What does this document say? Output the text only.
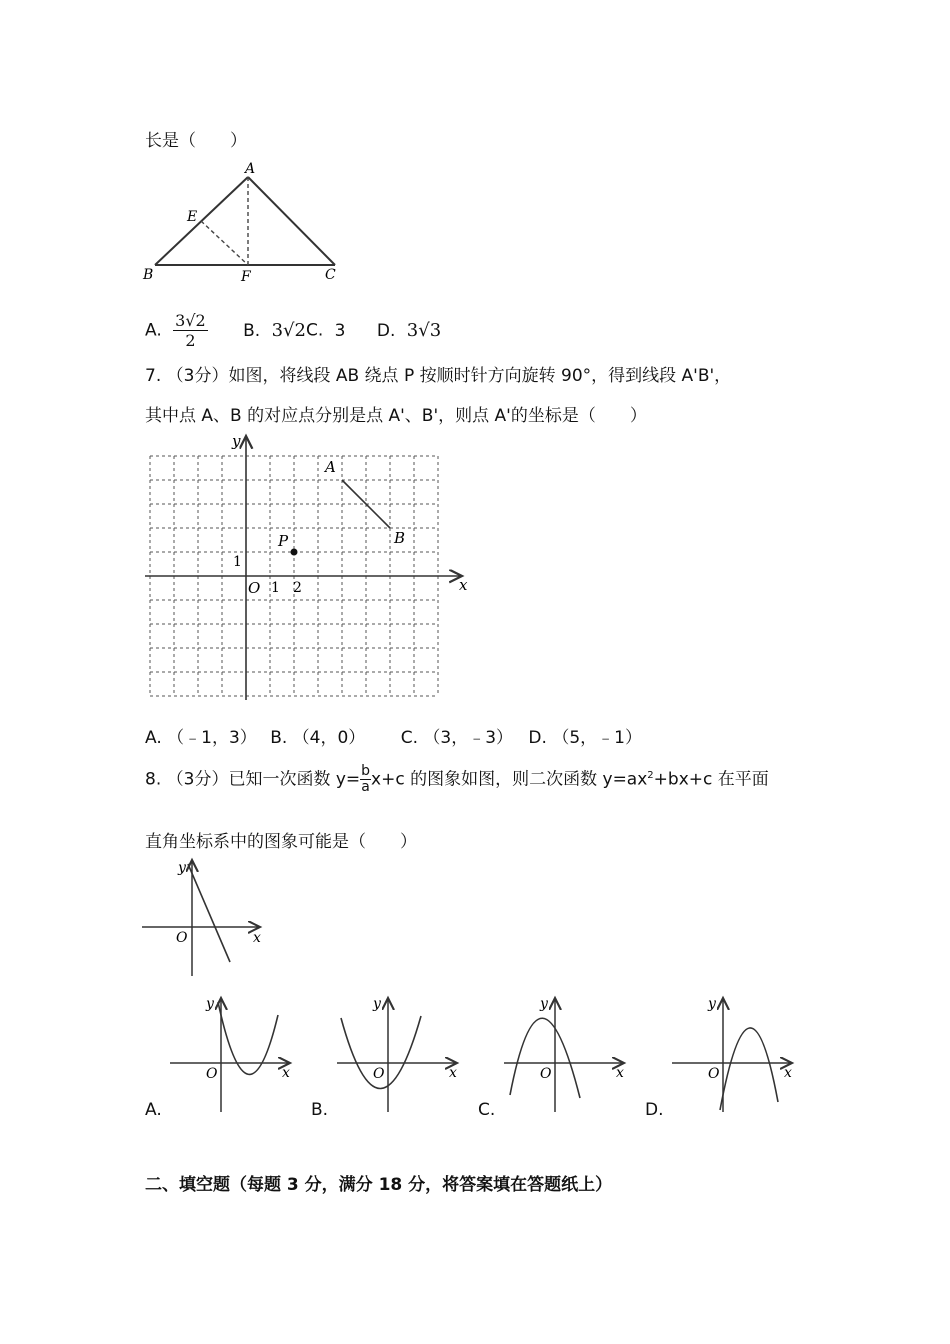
长是（　　）
A
E
B	F	C
A. $\frac{3√2}{2} B$. 3√2C. 3 D. 3√3
7. （3分）如图，将线段 AB 绕点 P 按顺时针方向旋转 90°，得到线段 A'B'，
其中点 A、B 的对应点分别是点 A'、B'，则点 A'的坐标是（　　）
y
x
O
1
1 2
P
A
B
A. （﹣1，3） B. （4，0） C. （3，﹣3） D. （5，﹣1）
8. （3分）已知一次函数 $y= \frac{b}{a} x+c$ 的图象如图，则二次函数 $y=ax^2+bx+c$ 在平面
直角坐标系中的图象可能是（　　）
y
x
O
y
x
O
A.
y
x
O
B.
y
x
O
C.
y
x
O
D.
二、填空题（每题 3 分，满分 18 分，将答案填在答题纸上）
